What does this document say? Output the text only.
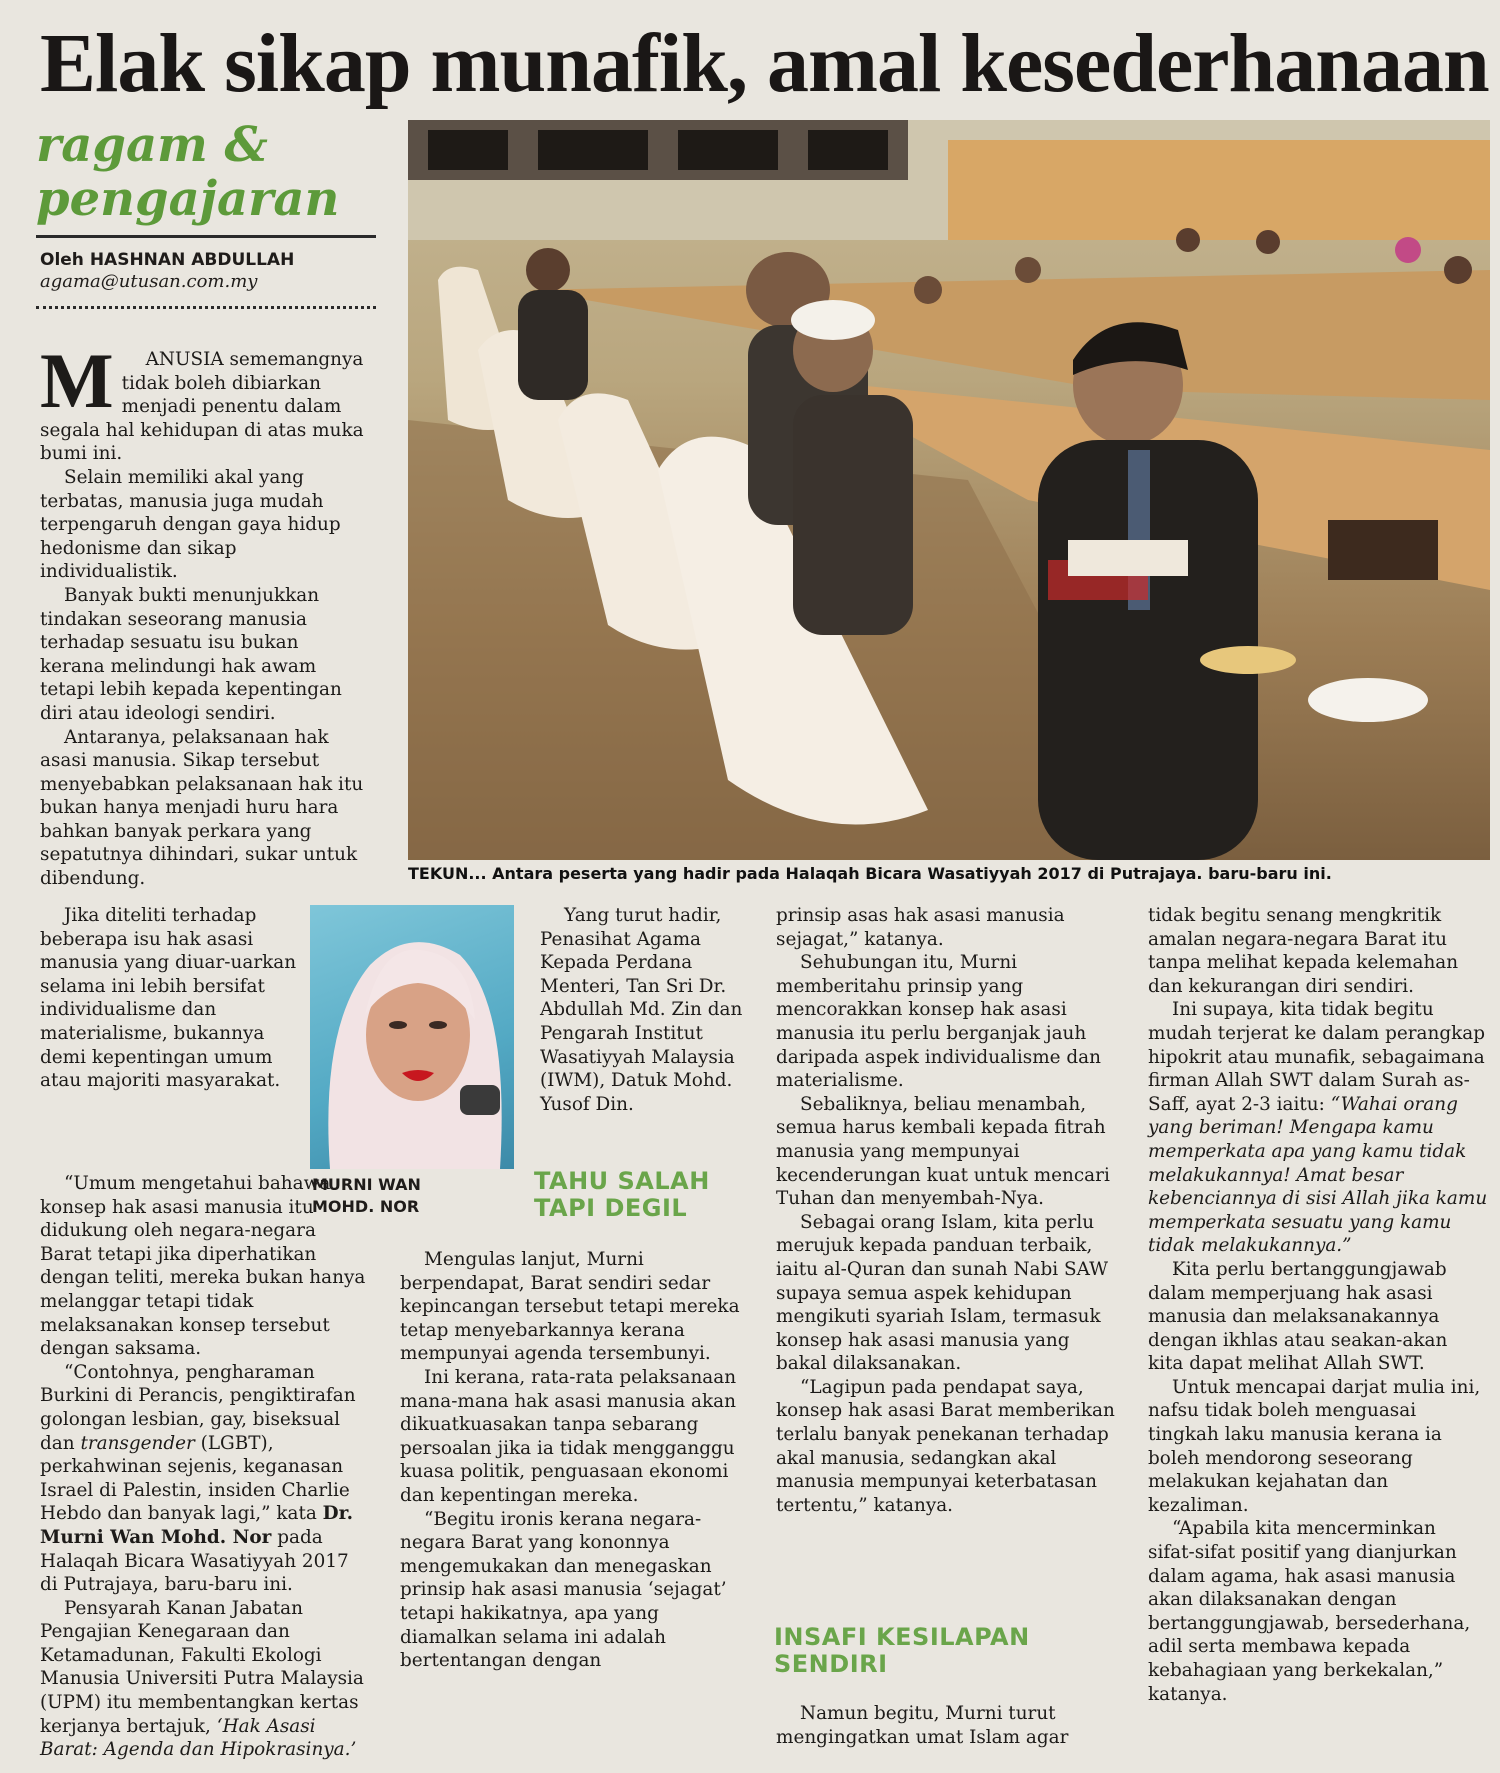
Elak sikap munafik, amal kesederhanaan
ragam &
pengajaran
Oleh HASHNAN ABDULLAH
agama@utusan.com.my
TEKUN... Antara peserta yang hadir pada Halaqah Bicara Wasatiyyah 2017 di Putrajaya. baru-baru ini.

M ANUSIA sememangnya tidak boleh dibiarkan menjadi penentu dalam segala hal kehidupan di atas muka bumi ini.

Selain memiliki akal yang terbatas, manusia juga mudah terpengaruh dengan gaya hidup hedonisme dan sikap individualistik.

Banyak bukti menunjukkan tindakan seseorang manusia terhadap sesuatu isu bukan kerana melindungi hak awam tetapi lebih kepada kepentingan diri atau ideologi sendiri.

Antaranya, pelaksanaan hak asasi manusia. Sikap tersebut menyebabkan pelaksanaan hak itu bukan hanya menjadi huru hara bahkan banyak perkara yang sepatutnya dihindari, sukar untuk dibendung.

Jika diteliti terhadap beberapa isu hak asasi manusia yang diuar-uarkan selama ini lebih bersifat individualisme dan materialisme, bukannya demi kepentingan umum atau majoriti masyarakat.

“Umum mengetahui bahawa konsep hak asasi manusia itu didukung oleh negara-negara Barat tetapi jika diperhatikan dengan teliti, mereka bukan hanya melanggar tetapi tidak melaksanakan konsep tersebut dengan saksama.

“Contohnya, pengharaman Burkini di Perancis, pengiktirafan golongan lesbian, gay, biseksual dan transgender (LGBT), perkahwinan sejenis, keganasan Israel di Palestin, insiden Charlie Hebdo dan banyak lagi,” kata Dr. Murni Wan Mohd. Nor pada Halaqah Bicara Wasatiyyah 2017 di Putrajaya, baru-baru ini.

Pensyarah Kanan Jabatan Pengajian Kenegaraan dan Ketamadunan, Fakulti Ekologi Manusia Universiti Putra Malaysia (UPM) itu membentangkan kertas kerjanya bertajuk, ‘Hak Asasi Barat: Agenda dan Hipokrasinya.’

MURNI WAN
MOHD. NOR

Yang turut hadir, Penasihat Agama Kepada Perdana Menteri, Tan Sri Dr. Abdullah Md. Zin dan Pengarah Institut Wasatiyyah Malaysia (IWM), Datuk Mohd. Yusof Din.

TAHU SALAH TAPI DEGIL

Mengulas lanjut, Murni berpendapat, Barat sendiri sedar kepincangan tersebut tetapi mereka tetap menyebarkannya kerana mempunyai agenda tersembunyi.

Ini kerana, rata-rata pelaksanaan mana-mana hak asasi manusia akan dikuatkuasakan tanpa sebarang persoalan jika ia tidak mengganggu kuasa politik, penguasaan ekonomi dan kepentingan mereka.

“Begitu ironis kerana negara-negara Barat yang kononnya mengemukakan dan menegaskan prinsip hak asasi manusia ‘sejagat’ tetapi hakikatnya, apa yang diamalkan selama ini adalah bertentangan dengan

prinsip asas hak asasi manusia sejagat,” katanya.

Sehubungan itu, Murni memberitahu prinsip yang mencorakkan konsep hak asasi manusia itu perlu berganjak jauh daripada aspek individualisme dan materialisme.

Sebaliknya, beliau menambah, semua harus kembali kepada fitrah manusia yang mempunyai kecenderungan kuat untuk mencari Tuhan dan menyembah-Nya.

Sebagai orang Islam, kita perlu merujuk kepada panduan terbaik, iaitu al-Quran dan sunah Nabi SAW supaya semua aspek kehidupan mengikuti syariah Islam, termasuk konsep hak asasi manusia yang bakal dilaksanakan.

“Lagipun pada pendapat saya, konsep hak asasi Barat memberikan terlalu banyak penekanan terhadap akal manusia, sedangkan akal manusia mempunyai keterbatasan tertentu,” katanya.

INSAFI KESILAPAN SENDIRI

Namun begitu, Murni turut mengingatkan umat Islam agar

tidak begitu senang mengkritik amalan negara-negara Barat itu tanpa melihat kepada kelemahan dan kekurangan diri sendiri.

Ini supaya, kita tidak begitu mudah terjerat ke dalam perangkap hipokrit atau munafik, sebagaimana firman Allah SWT dalam Surah as-Saff, ayat 2-3 iaitu: “Wahai orang yang beriman! Mengapa kamu memperkata apa yang kamu tidak melakukannya! Amat besar kebenciannya di sisi Allah jika kamu memperkata sesuatu yang kamu tidak melakukannya.”

Kita perlu bertanggungjawab dalam memperjuang hak asasi manusia dan melaksanakannya dengan ikhlas atau seakan-akan kita dapat melihat Allah SWT.

Untuk mencapai darjat mulia ini, nafsu tidak boleh menguasai tingkah laku manusia kerana ia boleh mendorong seseorang melakukan kejahatan dan kezaliman.

“Apabila kita mencerminkan sifat-sifat positif yang dianjurkan dalam agama, hak asasi manusia akan dilaksanakan dengan bertanggungjawab, bersederhana, adil serta membawa kepada kebahagiaan yang berkekalan,” katanya.
